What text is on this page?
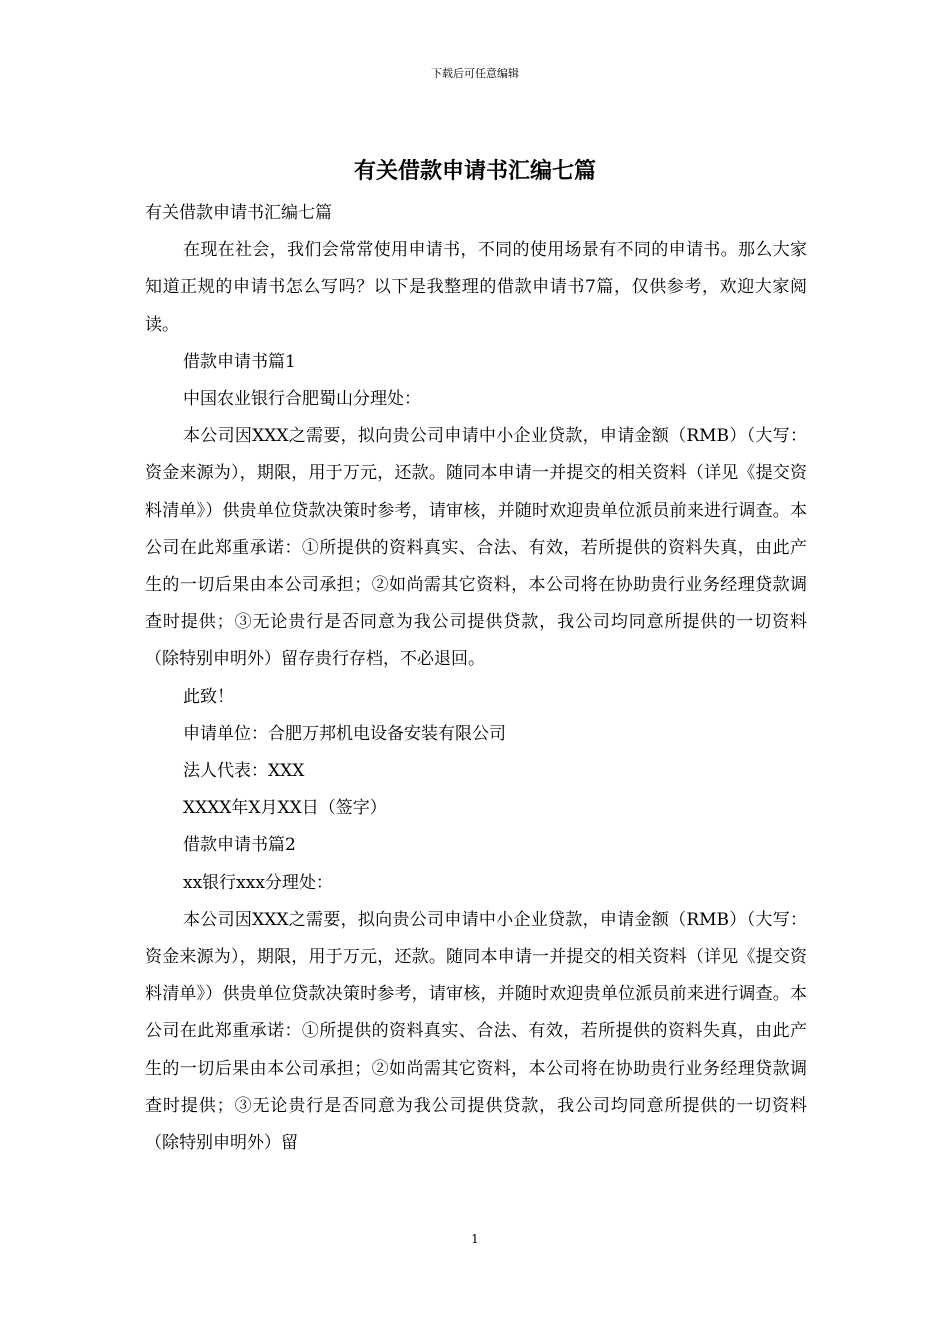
下载后可任意编辑
有关借款申请书汇编七篇

有关借款申请书汇编七篇

在现在社会，我们会常常使用申请书，不同的使用场景有不同的申请书。那么大家知道正规的申请书怎么写吗？以下是我整理的借款申请书7篇，仅供参考，欢迎大家阅读。

借款申请书篇1

中国农业银行合肥蜀山分理处：

本公司因XXX之需要，拟向贵公司申请中小企业贷款，申请金额（RMB）（大写：资金来源为），期限，用于万元，还款。随同本申请一并提交的相关资料（详见《提交资料清单》）供贵单位贷款决策时参考，请审核，并随时欢迎贵单位派员前来进行调查。本公司在此郑重承诺：①所提供的资料真实、合法、有效，若所提供的资料失真，由此产生的一切后果由本公司承担；②如尚需其它资料，本公司将在协助贵行业务经理贷款调查时提供；③无论贵行是否同意为我公司提供贷款，我公司均同意所提供的一切资料（除特别申明外）留存贵行存档，不必退回。

此致！

申请单位：合肥万邦机电设备安装有限公司

法人代表：XXX

XXXX年X月XX日（签字）

借款申请书篇2

xx银行xxx分理处：

本公司因XXX之需要，拟向贵公司申请中小企业贷款，申请金额（RMB）（大写：资金来源为），期限，用于万元，还款。随同本申请一并提交的相关资料（详见《提交资料清单》）供贵单位贷款决策时参考，请审核，并随时欢迎贵单位派员前来进行调查。本公司在此郑重承诺：①所提供的资料真实、合法、有效，若所提供的资料失真，由此产生的一切后果由本公司承担；②如尚需其它资料，本公司将在协助贵行业务经理贷款调查时提供；③无论贵行是否同意为我公司提供贷款，我公司均同意所提供的一切资料（除特别申明外）留

1
